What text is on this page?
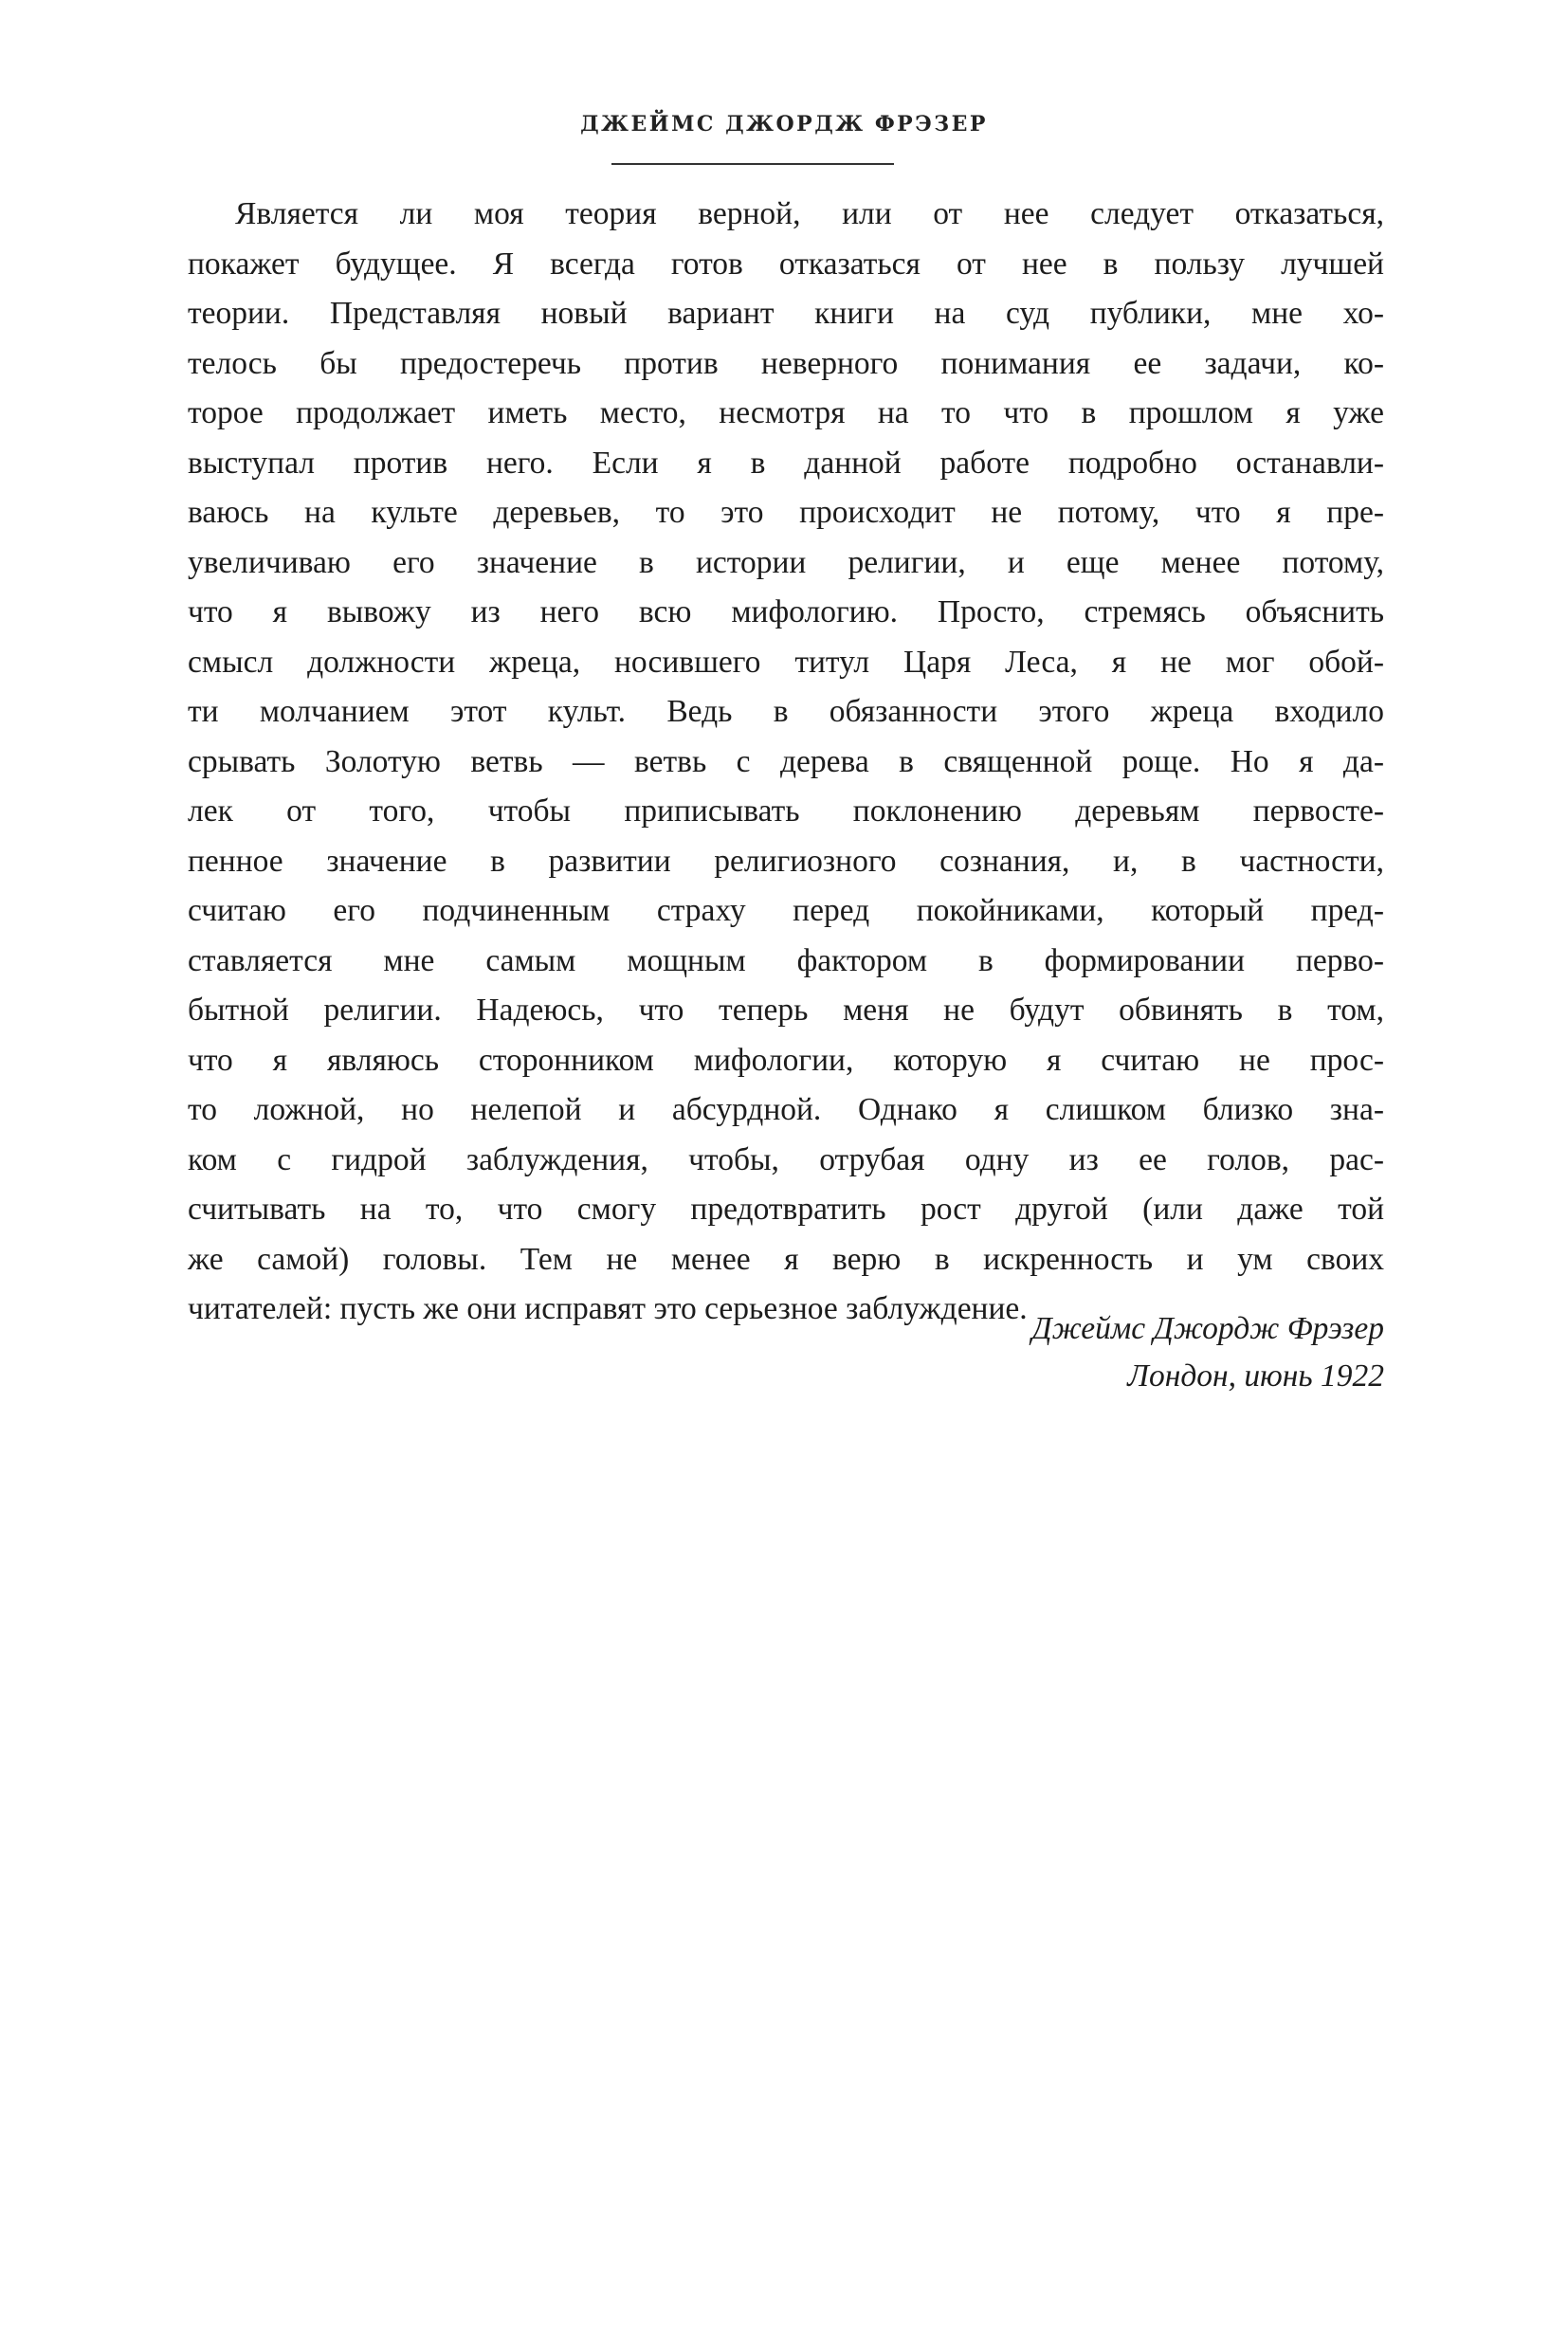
ДЖЕЙМС ДЖОРДЖ ФРЭЗЕР
Является ли моя теория верной, или от нее следует отказаться,
покажет будущее. Я всегда готов отказаться от нее в пользу лучшей
теории. Представляя новый вариант книги на суд публики, мне хо-
телось бы предостеречь против неверного понимания ее задачи, ко-
торое продолжает иметь место, несмотря на то что в прошлом я уже
выступал против него. Если я в данной работе подробно останавли-
ваюсь на культе деревьев, то это происходит не потому, что я пре-
увеличиваю его значение в истории религии, и еще менее потому,
что я вывожу из него всю мифологию. Просто, стремясь объяснить
смысл должности жреца, носившего титул Царя Леса, я не мог обой-
ти молчанием этот культ. Ведь в обязанности этого жреца входило
срывать Золотую ветвь — ветвь с дерева в священной роще. Но я да-
лек от того, чтобы приписывать поклонению деревьям первосте-
пенное значение в развитии религиозного сознания, и, в частности,
считаю его подчиненным страху перед покойниками, который пред-
ставляется мне самым мощным фактором в формировании перво-
бытной религии. Надеюсь, что теперь меня не будут обвинять в том,
что я являюсь сторонником мифологии, которую я считаю не прос-
то ложной, но нелепой и абсурдной. Однако я слишком близко зна-
ком с гидрой заблуждения, чтобы, отрубая одну из ее голов, рас-
считывать на то, что смогу предотвратить рост другой (или даже той
же самой) головы. Тем не менее я верю в искренность и ум своих
читателей: пусть же они исправят это серьезное заблуждение.
Джеймс Джордж Фрэзер
Лондон, июнь 1922
